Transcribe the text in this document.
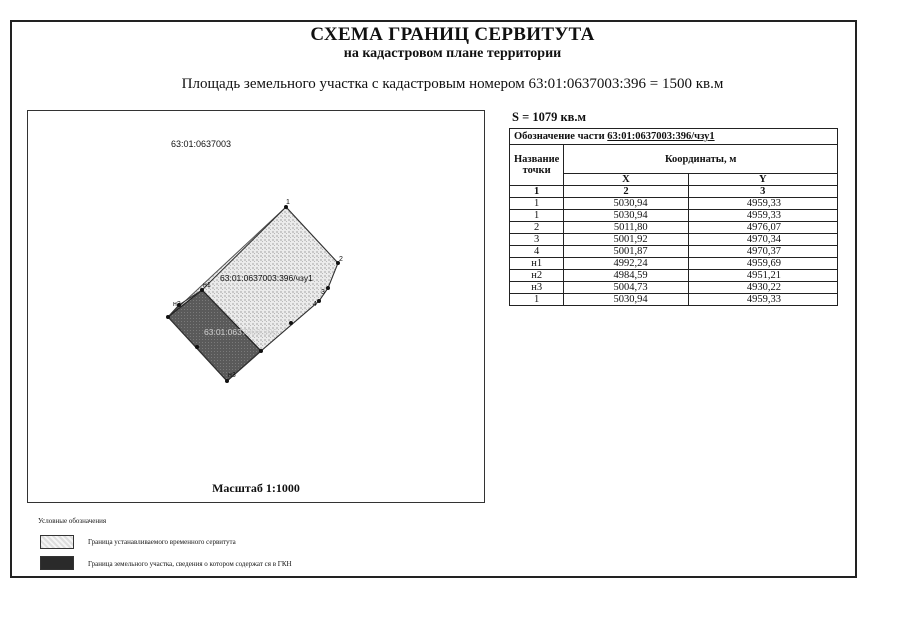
СХЕМА ГРАНИЦ СЕРВИТУТА
на кадастровом плане территории
Площадь земельного участка с кадастровым номером 63:01:0637003:396 = 1500 кв.м
1
2
3
4
н1
н2
н3
63:01:0637003:396/чзу1
63:01:0637003:396
63:01:0637003
Масштаб 1:1000
S = 1079 кв.м
Обозначение части 63:01:0637003:396/чзу1		
Название точки	Координаты, м	
	X	Y
1	2	3
1	5030,94	4959,33
1	5030,94	4959,33
2	5011,80	4976,07
3	5001,92	4970,34
4	5001,87	4970,37
н1	4992,24	4959,69
н2	4984,59	4951,21
н3	5004,73	4930,22
1	5030,94	4959,33
Условные обозначения
Граница устанавливаемого временного сервитута
Граница земельного участка, сведения о котором содержат ся в ГКН
